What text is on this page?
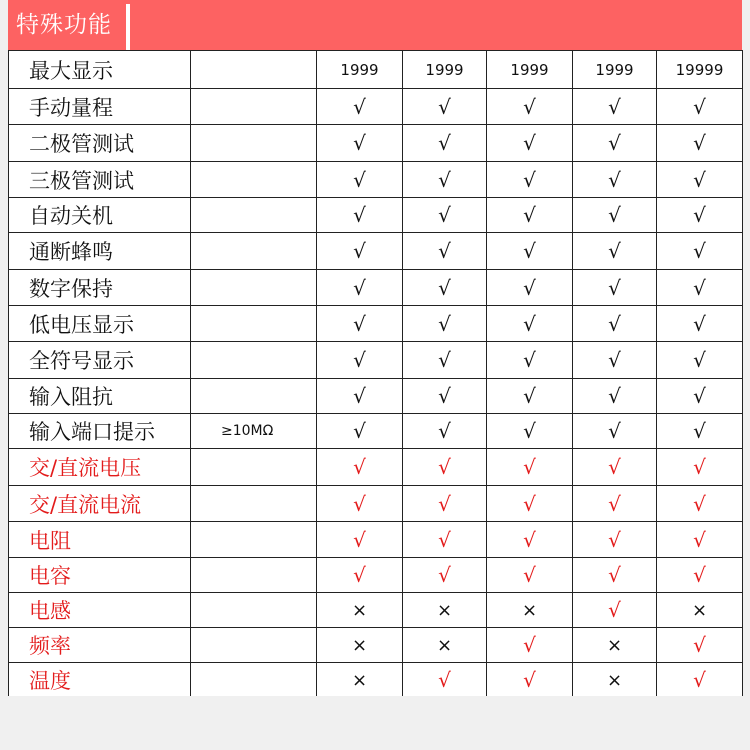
特殊功能
最大显示		1999	1999	1999	1999	19999
手动量程		√	√	√	√	√
二极管测试		√	√	√	√	√
三极管测试		√	√	√	√	√
自动关机		√	√	√	√	√
通断蜂鸣		√	√	√	√	√
数字保持		√	√	√	√	√
低电压显示		√	√	√	√	√
全符号显示		√	√	√	√	√
输入阻抗		√	√	√	√	√
输入端口提示	≥10MΩ	√	√	√	√	√
交/直流电压		√	√	√	√	√
交/直流电流		√	√	√	√	√
电阻		√	√	√	√	√
电容		√	√	√	√	√
电感		×	×	×	√	×
频率		×	×	√	×	√
温度		×	√	√	×	√
